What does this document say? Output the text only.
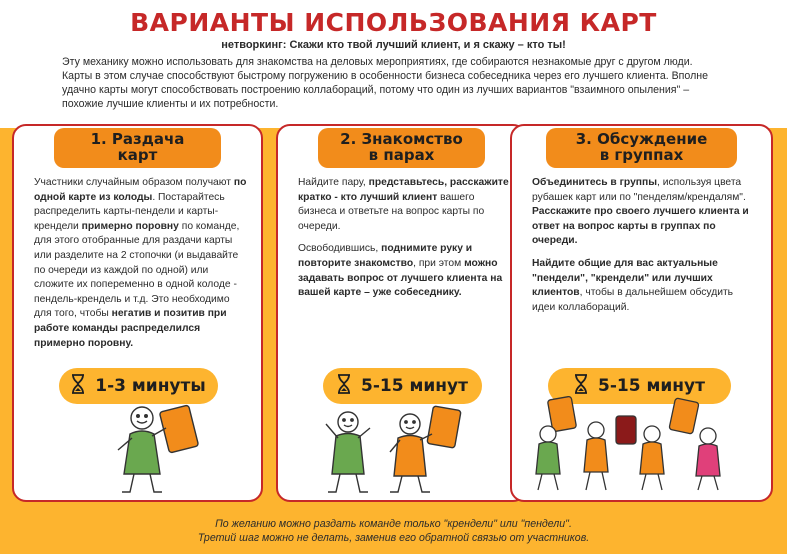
ВАРИАНТЫ ИСПОЛЬЗОВАНИЯ КАРТ
нетворкинг: Скажи кто твой лучший клиент, и я скажу – кто ты!

Эту механику можно использовать для знакомства на деловых мероприятиях, где собираются незнакомые друг с другом люди. Карты в этом случае способствуют быстрому погружению в особенности бизнеса собеседника через его лучшего клиента. Вполне удачно карты могут способствовать построению коллабораций, потому что один из лучших вариантов "взаимного опыления" – похожие лучшие клиенты и их потребности.

1. Раздача
карт

Участники случайным образом получают по одной карте из колоды. Постарайтесь распределить карты-пендели и карты-крендели примерно поровну по команде, для этого отобранные для раздачи карты или разделите на 2 стопочки (и выдавайте по очереди из каждой по одной) или сложите их попеременно в одной колоде - пендель-крендель и т.д. Это необходимо для того, чтобы негатив и позитив при работе команды распределился примерно поровну.

1-3 минуты
2. Знакомство
в парах

Найдите пару, представьтесь, расскажите кратко - кто лучший клиент вашего бизнеса и ответьте на вопрос карты по очереди.

Освободившись, поднимите руку и повторите знакомство, при этом можно задавать вопрос от лучшего клиента на вашей карте – уже собеседнику.

5-15 минут
3. Обсуждение
в группах

Объединитесь в группы, используя цвета рубашек карт или по "пенделям/крендалям". Расскажите про своего лучшего клиента и ответ на вопрос карты в группах по очереди.

Найдите общие для вас актуальные "пендели", "крендели" или лучших клиентов, чтобы в дальнейшем обсудить идеи коллабораций.

5-15 минут
По желанию можно раздать команде только "крендели" или "пендели".
Третий шаг можно не делать, заменив его обратной связью от участников.
